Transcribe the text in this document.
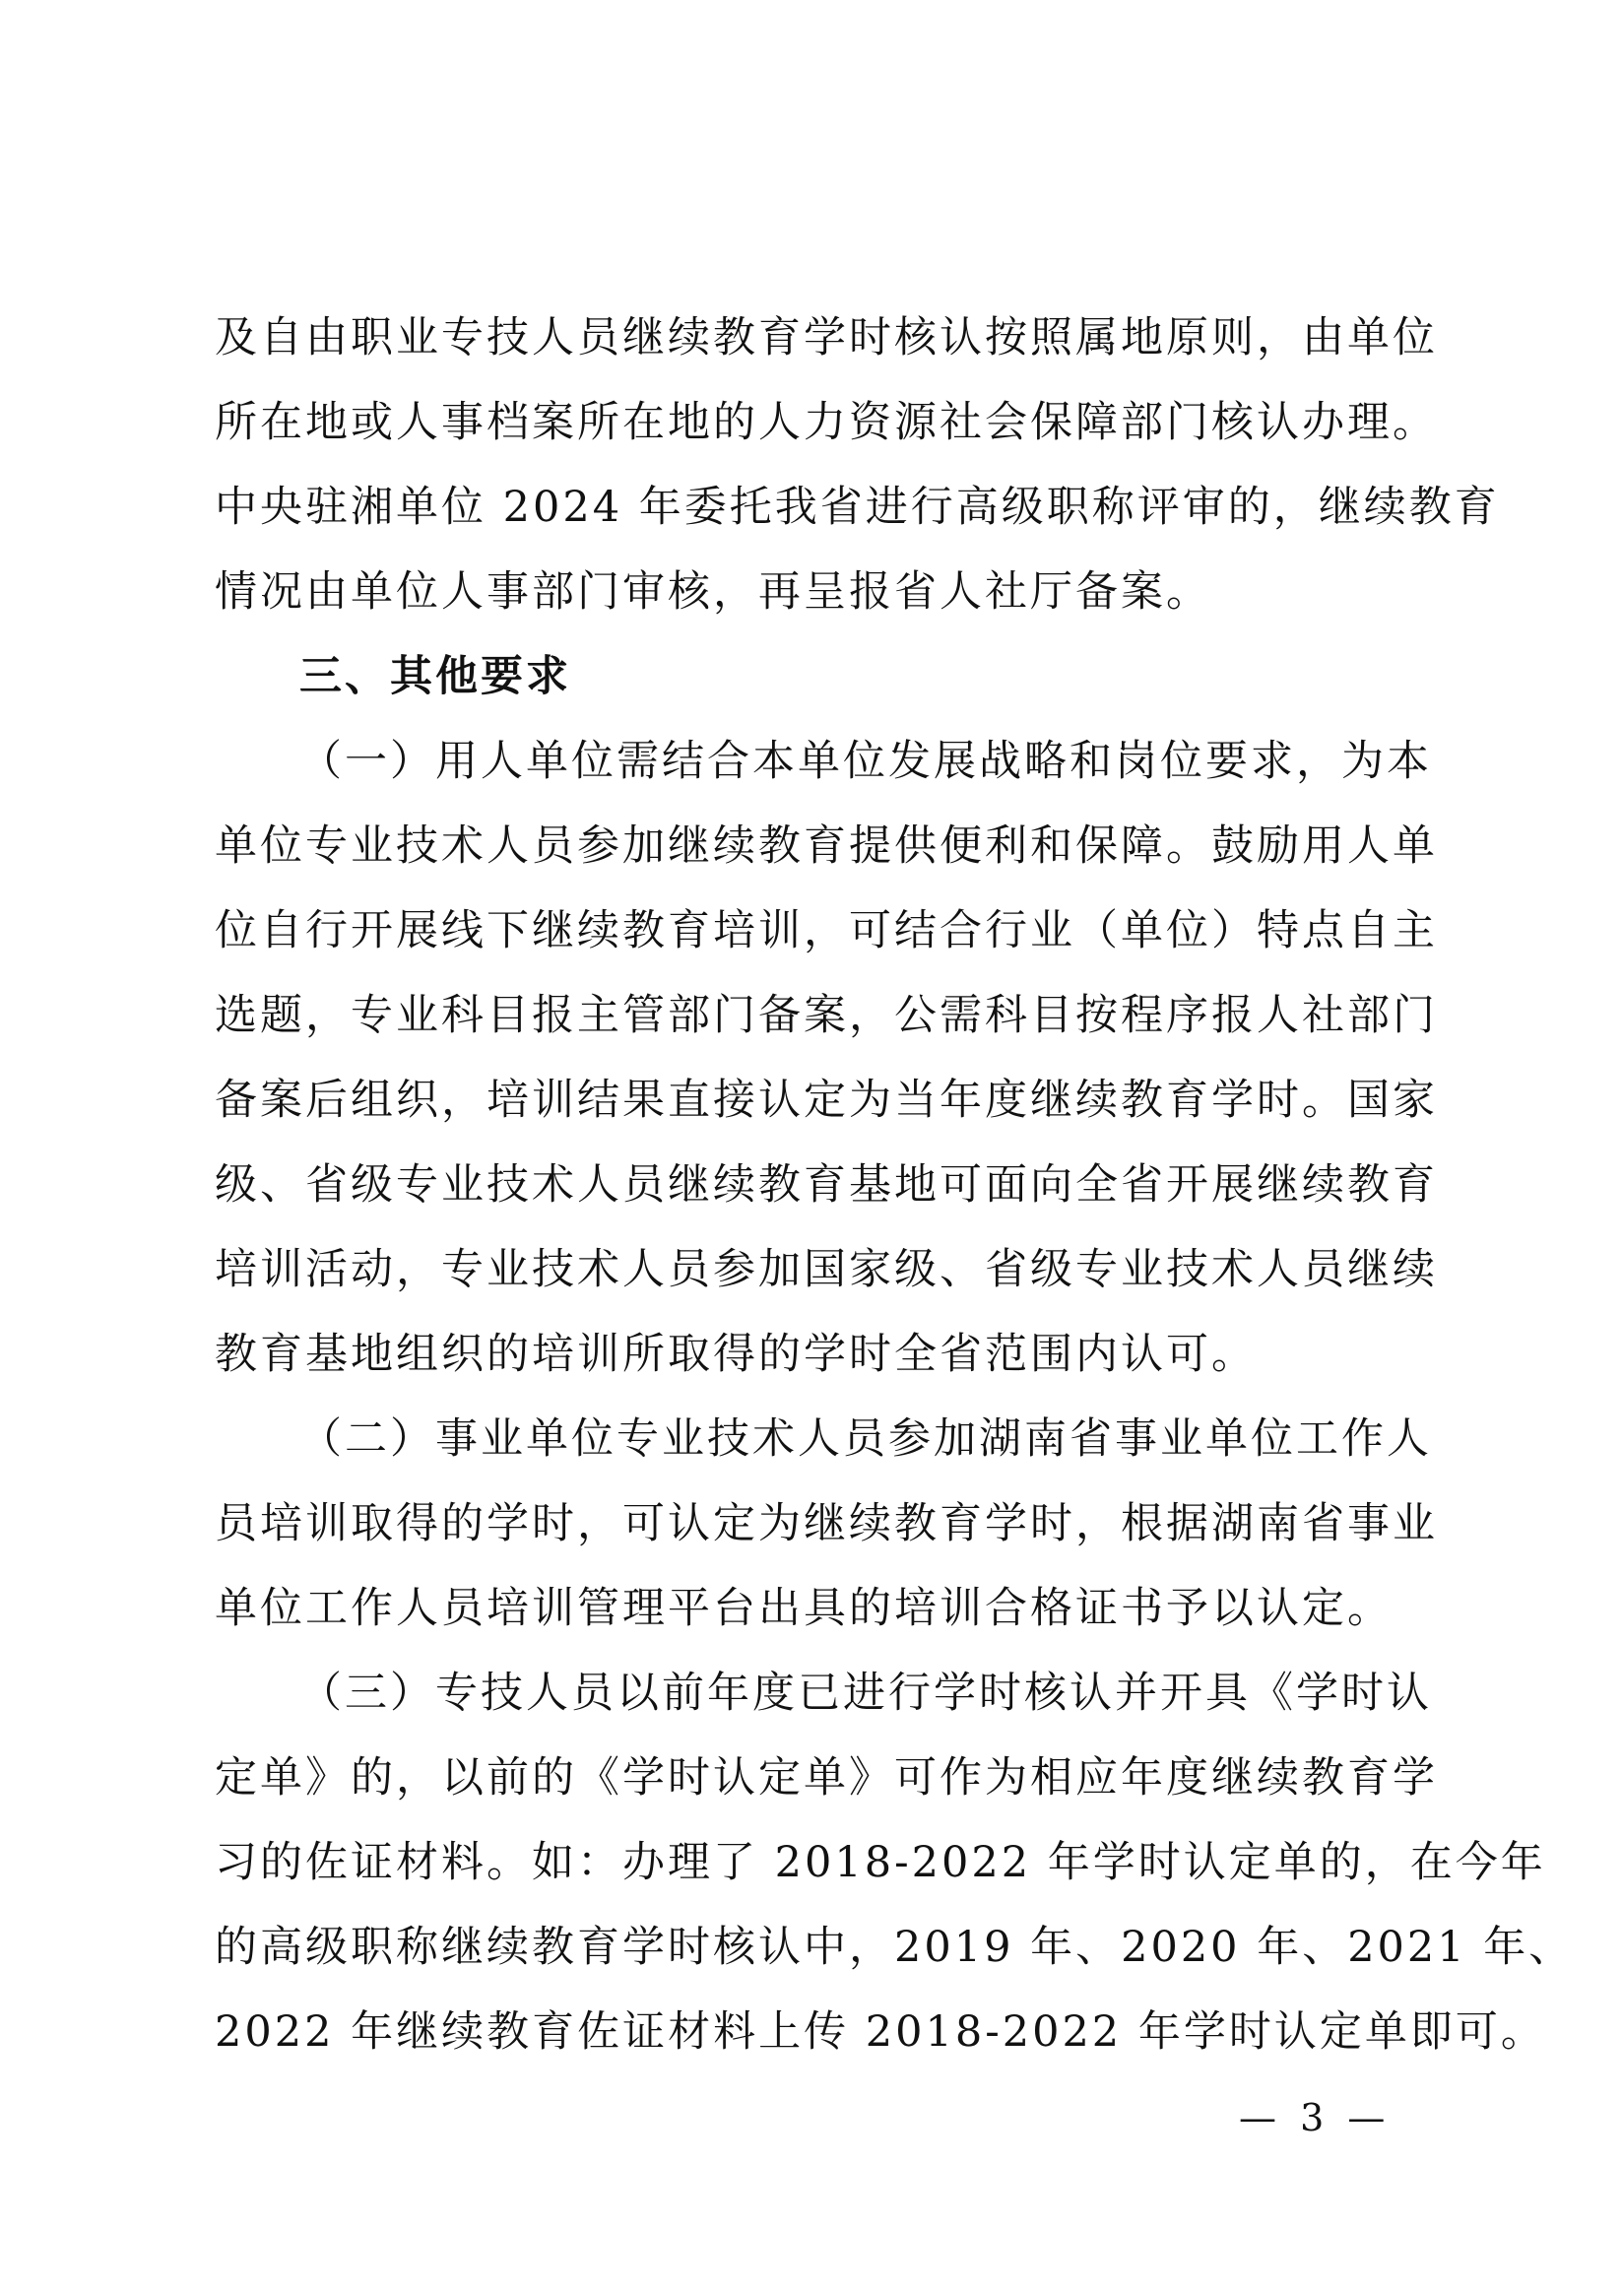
及自由职业专技人员继续教育学时核认按照属地原则，由单位
所在地或人事档案所在地的人力资源社会保障部门核认办理。
中央驻湘单位 2024 年委托我省进行高级职称评审的，继续教育
情况由单位人事部门审核，再呈报省人社厅备案。
三、其他要求
（一）用人单位需结合本单位发展战略和岗位要求，为本
单位专业技术人员参加继续教育提供便利和保障。鼓励用人单
位自行开展线下继续教育培训，可结合行业（单位）特点自主
选题，专业科目报主管部门备案，公需科目按程序报人社部门
备案后组织，培训结果直接认定为当年度继续教育学时。国家
级、省级专业技术人员继续教育基地可面向全省开展继续教育
培训活动，专业技术人员参加国家级、省级专业技术人员继续
教育基地组织的培训所取得的学时全省范围内认可。
（二）事业单位专业技术人员参加湖南省事业单位工作人
员培训取得的学时，可认定为继续教育学时，根据湖南省事业
单位工作人员培训管理平台出具的培训合格证书予以认定。
（三）专技人员以前年度已进行学时核认并开具《学时认
定单》的，以前的《学时认定单》可作为相应年度继续教育学
习的佐证材料。如：办理了 2018-2022 年学时认定单的，在今年
的高级职称继续教育学时核认中，2019 年、2020 年、2021 年、
2022 年继续教育佐证材料上传 2018-2022 年学时认定单即可。
— 3 —
